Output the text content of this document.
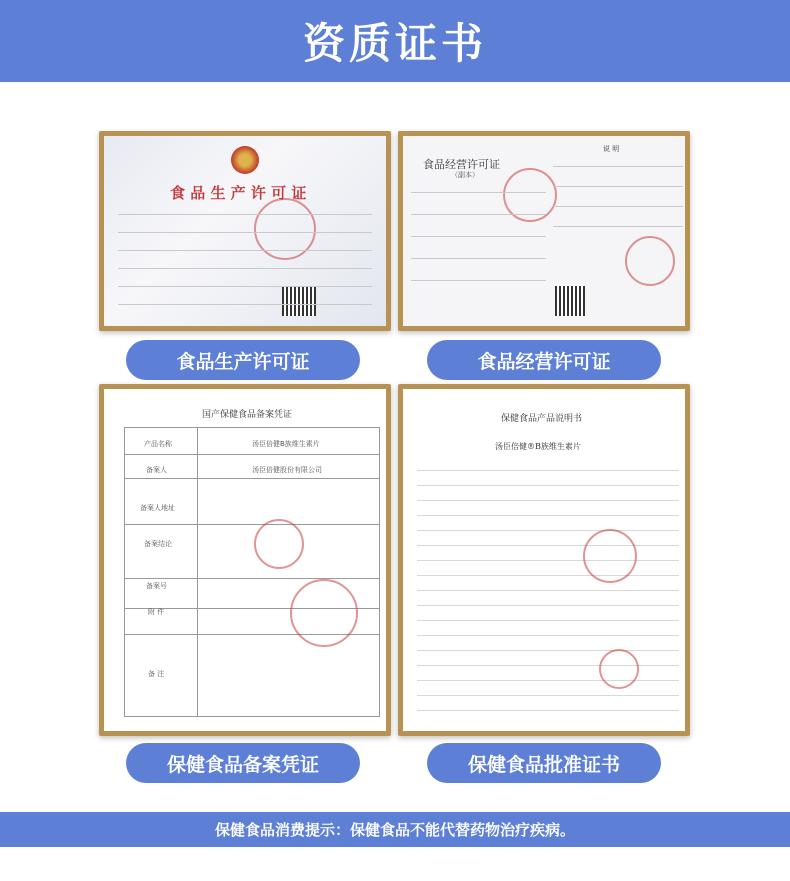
资质证书
食 品 生 产 许 可 证
食品生产许可证
食品经营许可证
（副本）
说 明
食品经营许可证
国产保健食品备案凭证
产品名称
备案人
备案人地址
备案结论
备案号
附 件
备 注
汤臣倍健B族维生素片
汤臣倍健股份有限公司
保健食品备案凭证
保健食品产品说明书
汤臣倍健®B族维生素片
保健食品批准证书
保健食品消费提示：保健食品不能代替药物治疗疾病。
